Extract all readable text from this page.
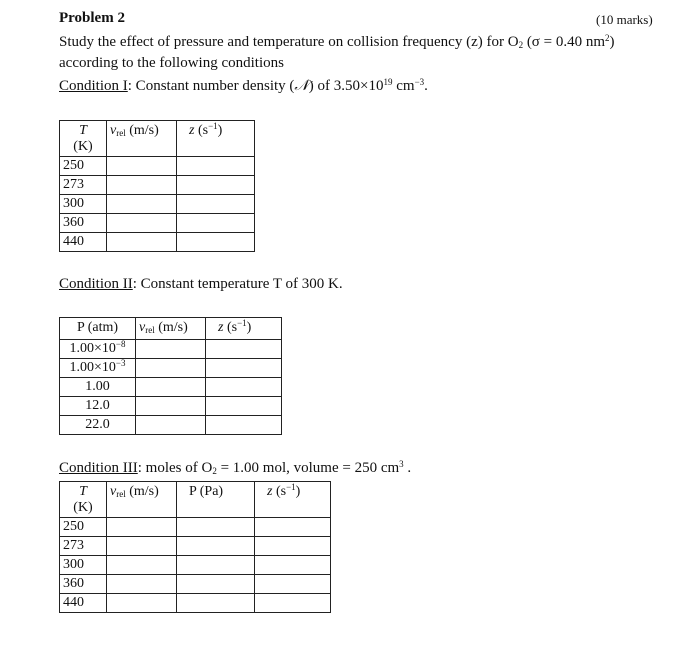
Problem 2	(10 marks)
Study the effect of pressure and temperature on collision frequency (z) for $O_2$ (σ = 0.40 $nm^2$)
according to the following conditions
Condition I: Constant number density (𝒩) of $3.50\times 10^{19}$ $cm^{-3}$.
T
(K)	$v_{rel}$ (m/s)	z $(s^{-1})$
250		
273		
300		
360		
440		
Condition II: Constant temperature T of 300 K.
P (atm)	$v_{rel}$ (m/s)	z $(s^{-1})$
$1.00\times 10^{-8}$		
$1.00\times 10^{-3}$		
1.00		
12.0		
22.0		
Condition III: moles of $O_2 = 1.00$ mol, volume = 250 $cm^3$ .
T
(K)	$v_{rel}$ (m/s)	P (Pa)	z $(s^{-1})$
250			
273			
300			
360			
440			
